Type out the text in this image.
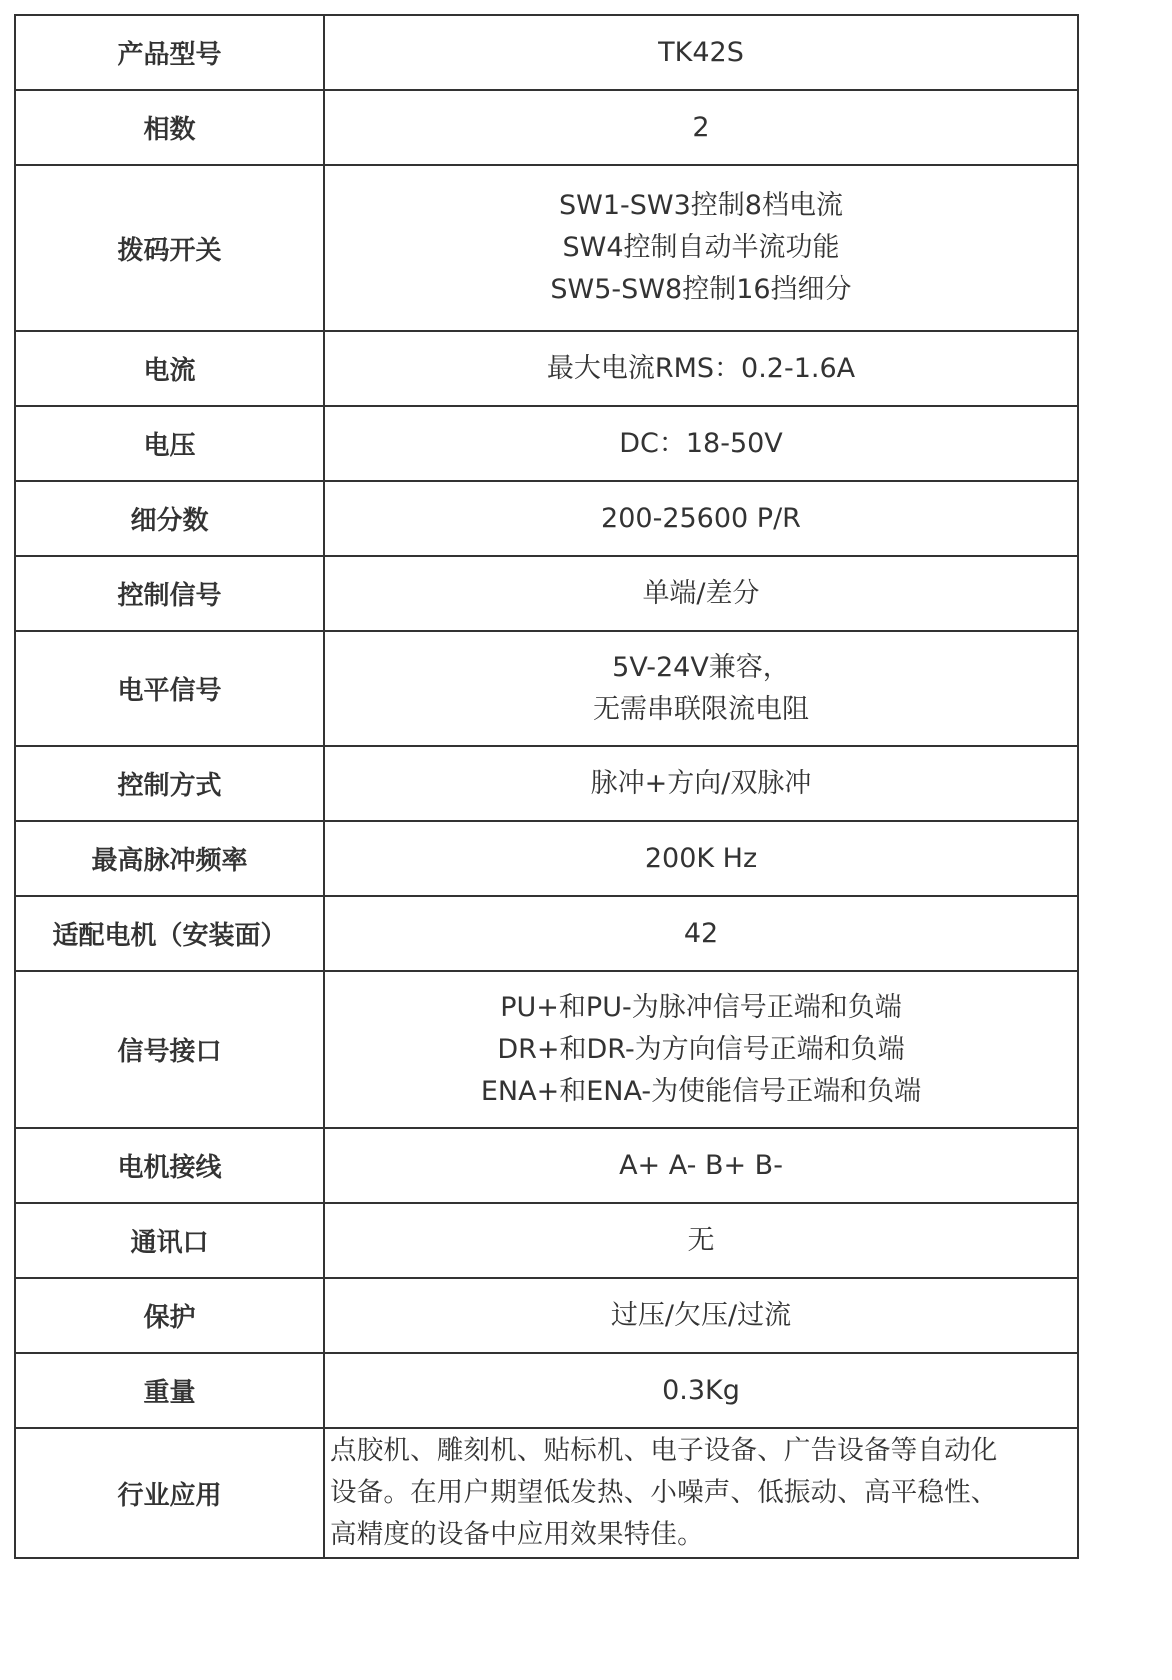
产品型号	TK42S

相数	2

拨码开关	SW1-SW3控制8档电流
SW4控制自动半流功能
SW5-SW8控制16挡细分

电流	最大电流RMS：0.2-1.6A

电压	DC：18-50V

细分数	200-25600 P/R

控制信号	单端/差分

电平信号	5V-24V兼容，
无需串联限流电阻

控制方式	脉冲+方向/双脉冲

最高脉冲频率	200K Hz

适配电机（安装面）	42

信号接口	PU+和PU-为脉冲信号正端和负端
DR+和DR-为方向信号正端和负端
ENA+和ENA-为使能信号正端和负端

电机接线	A+ A- B+ B-

通讯口	无

保护	过压/欠压/过流

重量	0.3Kg

行业应用	点胶机、雕刻机、贴标机、电子设备、广告设备等自动化
设备。在用户期望低发热、小噪声、低振动、高平稳性、
高精度的设备中应用效果特佳。
